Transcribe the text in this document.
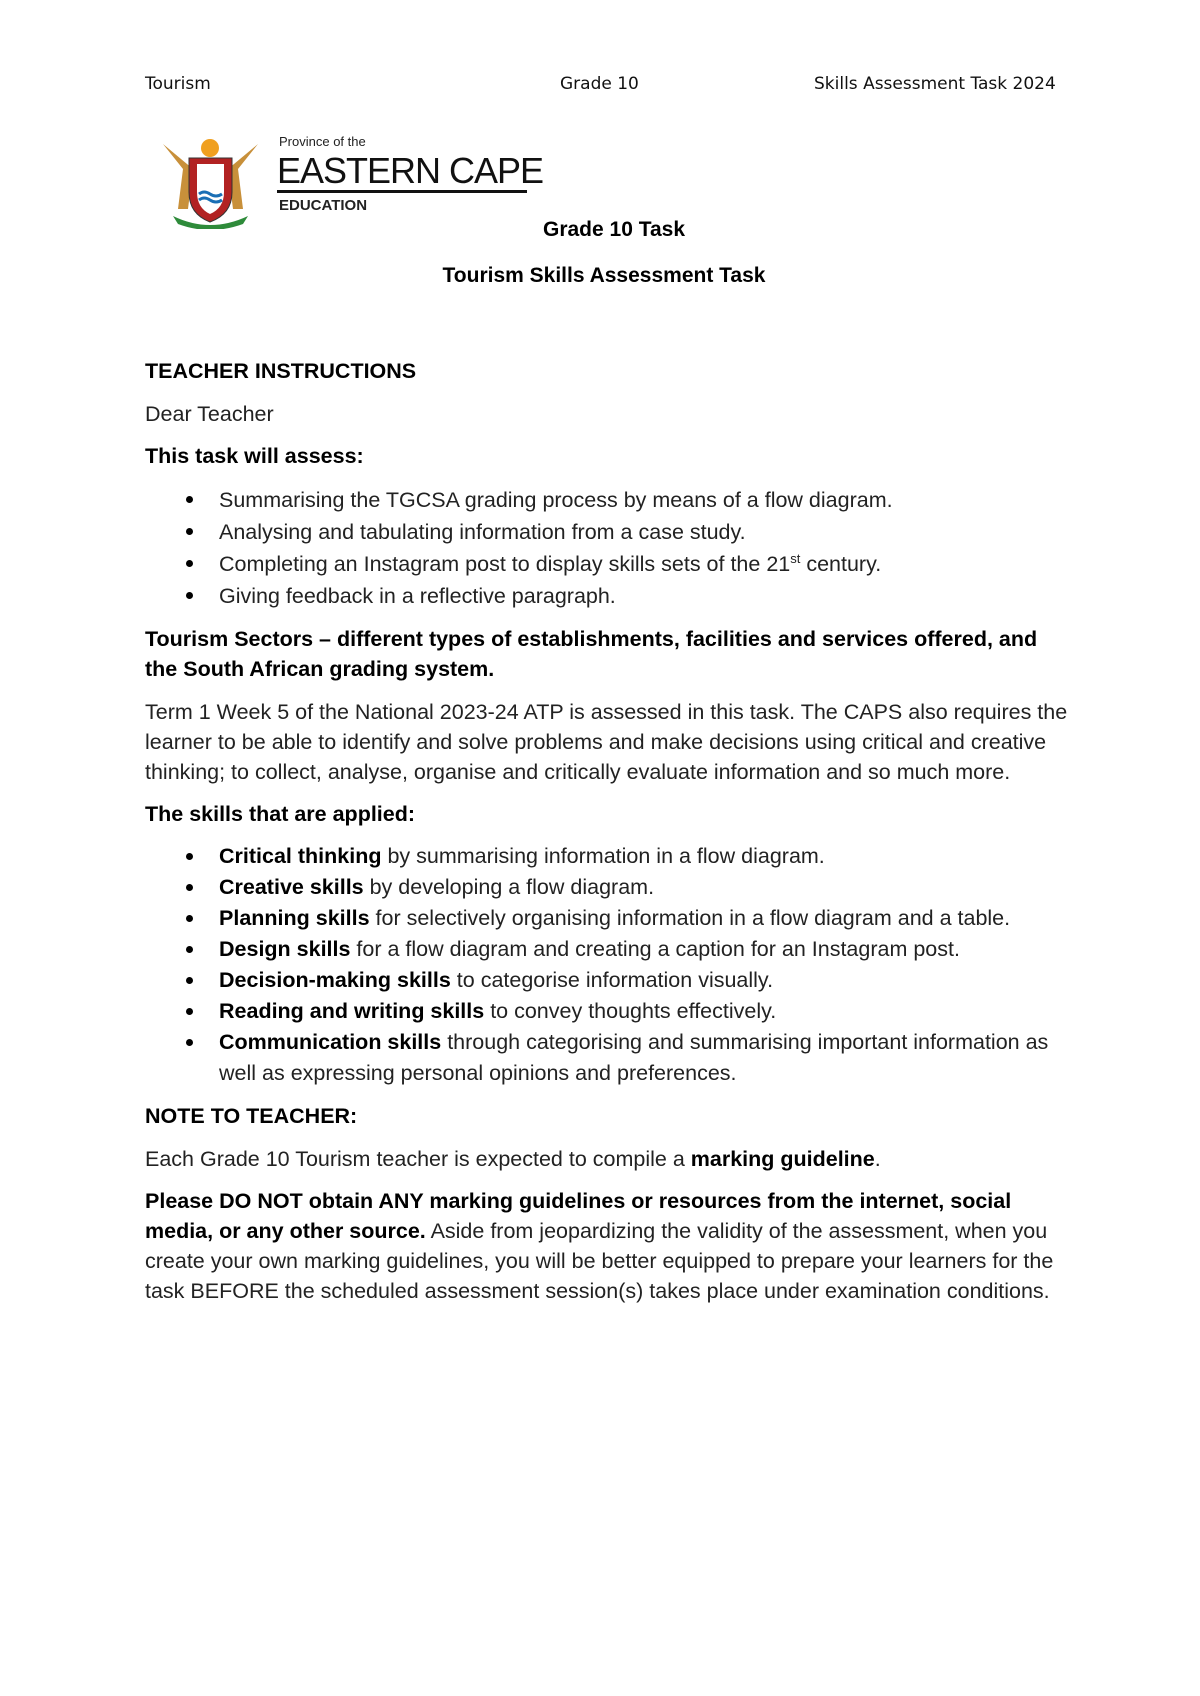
Tourism	Grade 10	Skills Assessment Task 2024
Province of the
EASTERN CAPE
EDUCATION
Grade 10 Task
Tourism Skills Assessment Task
TEACHER INSTRUCTIONS
Dear Teacher
This task will assess:
Summarising the TGCSA grading process by means of a flow diagram.
Analysing and tabulating information from a case study.
Completing an Instagram post to display skills sets of the 21st century.
Giving feedback in a reflective paragraph.
Tourism Sectors – different types of establishments, facilities and services offered, and the South African grading system.
Term 1 Week 5 of the National 2023-24 ATP is assessed in this task. The CAPS also requires the learner to be able to identify and solve problems and make decisions using critical and creative thinking; to collect, analyse, organise and critically evaluate information and so much more.
The skills that are applied:
Critical thinking by summarising information in a flow diagram.
Creative skills by developing a flow diagram.
Planning skills for selectively organising information in a flow diagram and a table.
Design skills for a flow diagram and creating a caption for an Instagram post.
Decision-making skills to categorise information visually.
Reading and writing skills to convey thoughts effectively.
Communication skills through categorising and summarising important information as well as expressing personal opinions and preferences.
NOTE TO TEACHER:
Each Grade 10 Tourism teacher is expected to compile a marking guideline.
Please DO NOT obtain ANY marking guidelines or resources from the internet, social media, or any other source. Aside from jeopardizing the validity of the assessment, when you create your own marking guidelines, you will be better equipped to prepare your learners for the task BEFORE the scheduled assessment session(s) takes place under examination conditions.
